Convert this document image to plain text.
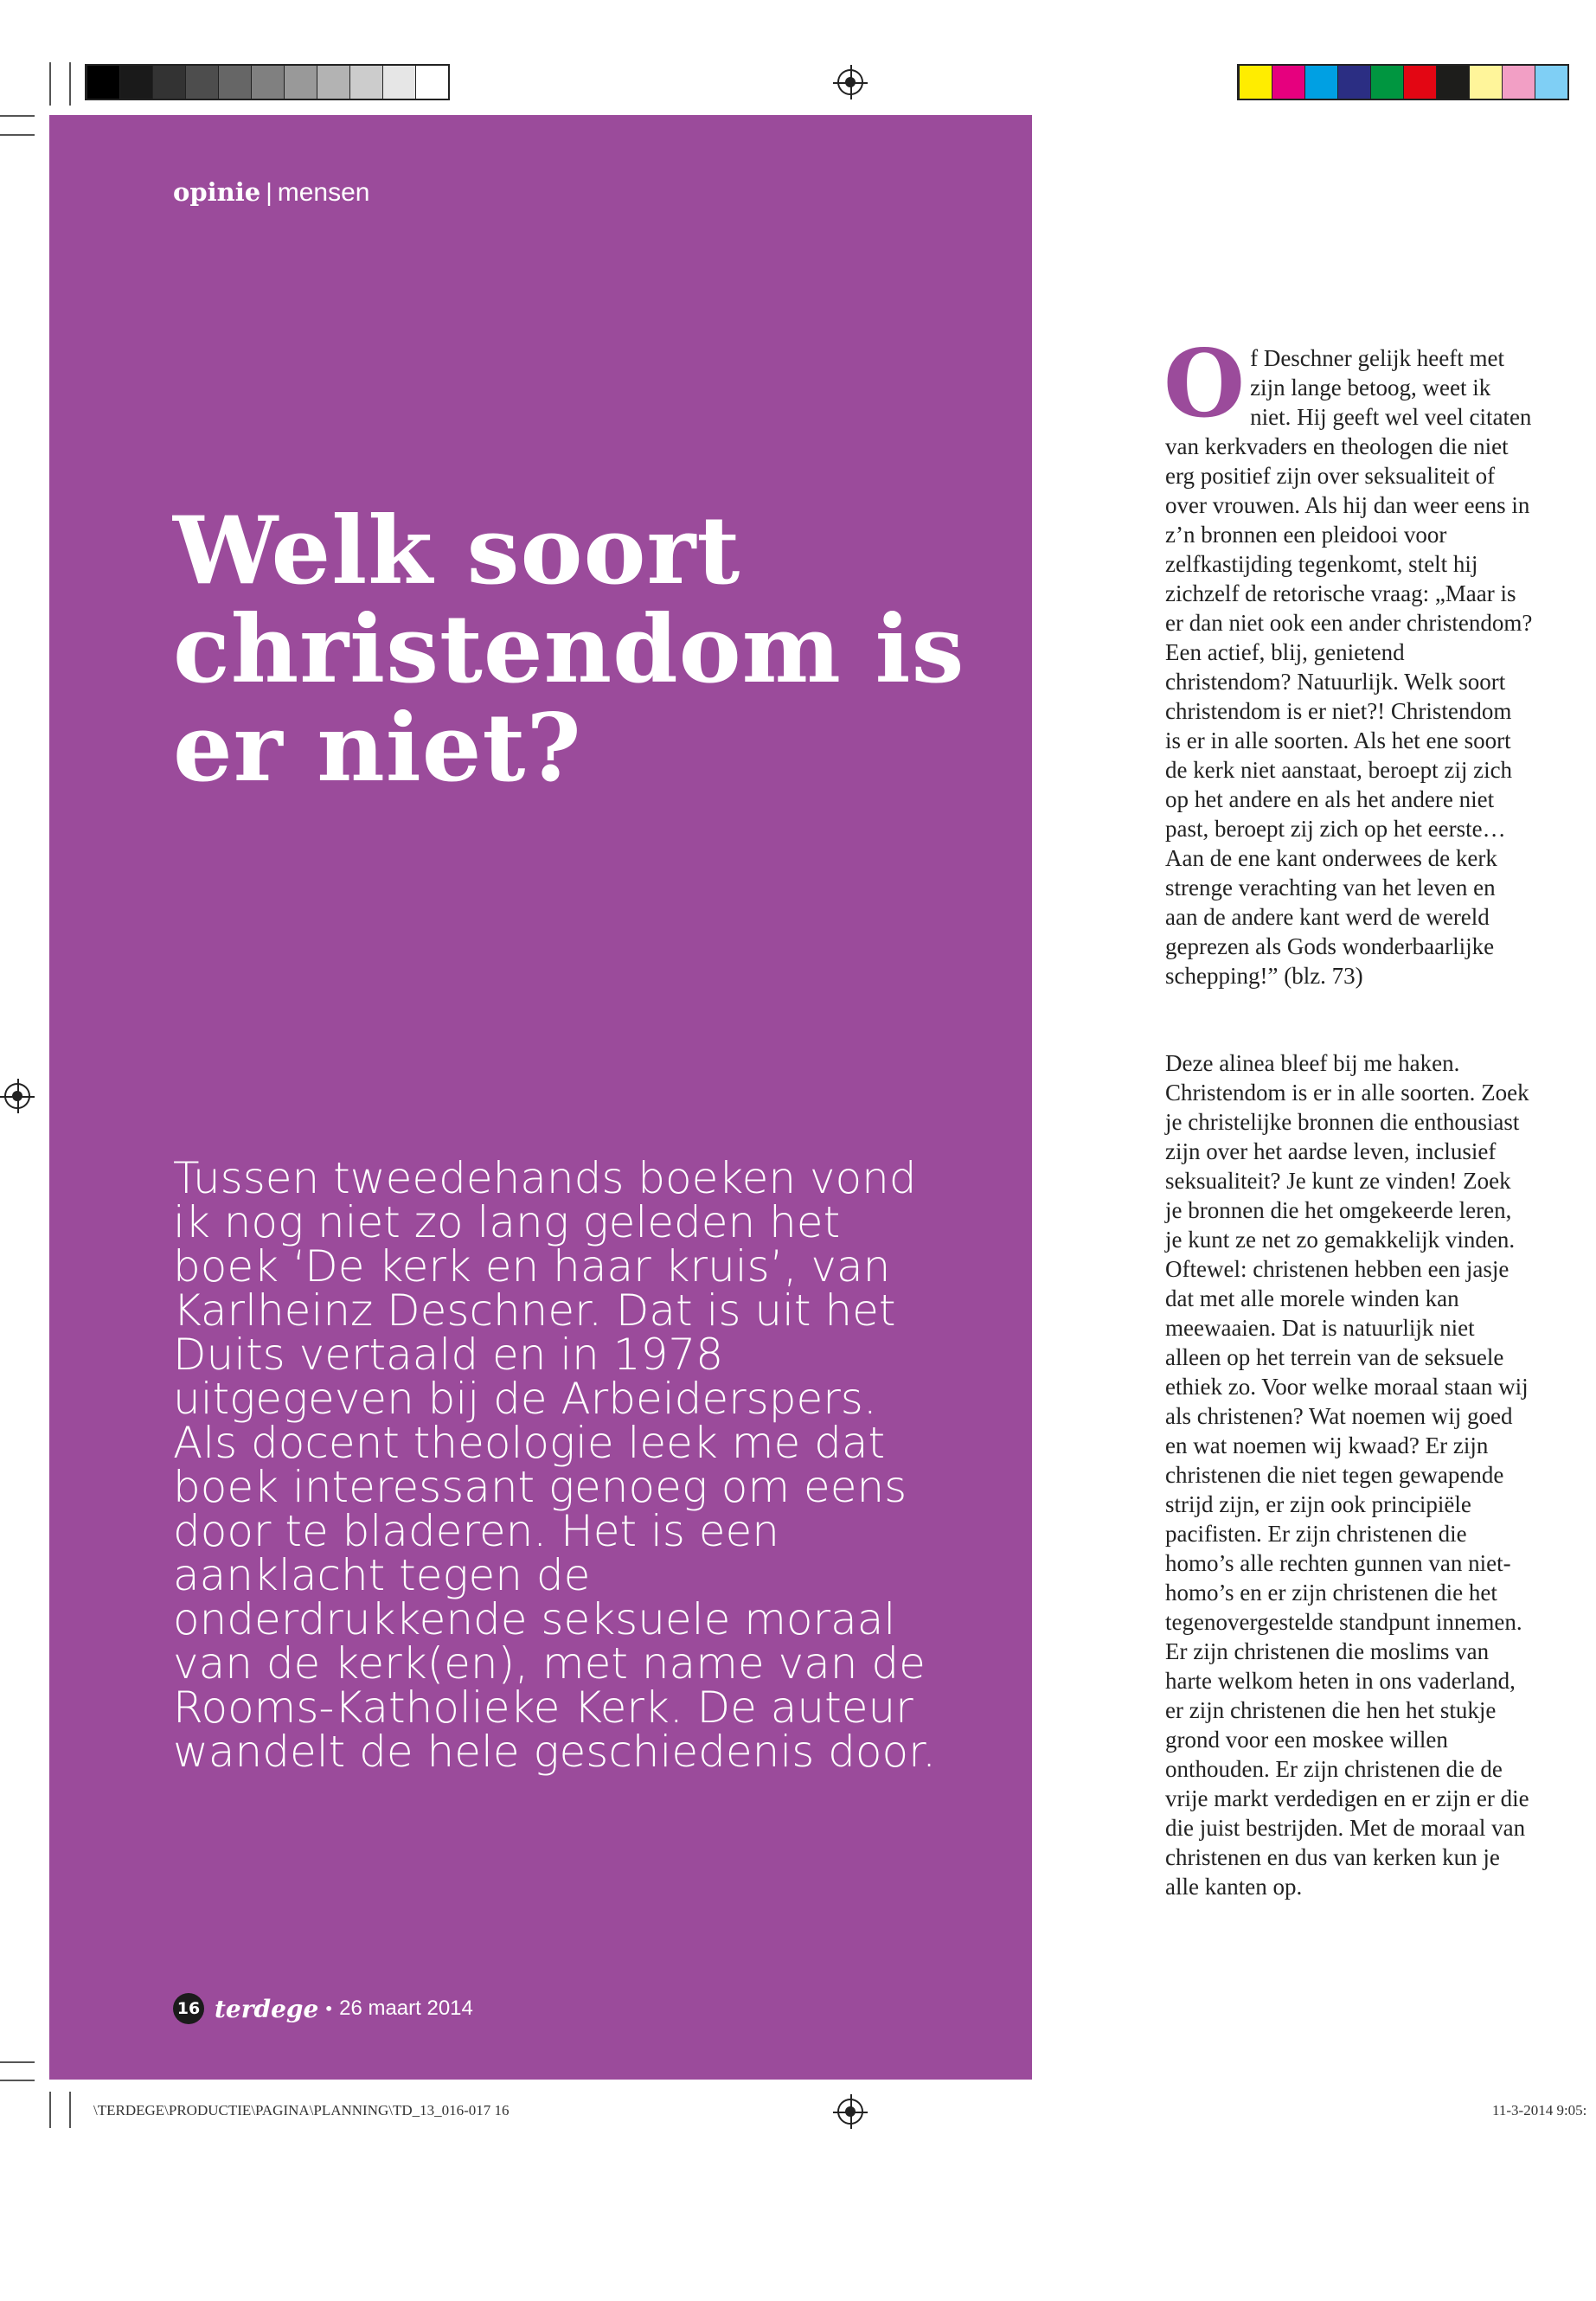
opinie | mensen
Welk soort christendom is er niet?
Tussen tweedehands boeken vond ik nog niet zo lang geleden het boek ‘De kerk en haar kruis’, van Karlheinz Deschner. Dat is uit het Duits vertaald en in 1978 uitgegeven bij de Arbeiderspers. Als docent theologie leek me dat boek interessant genoeg om eens door te bladeren. Het is een aanklacht tegen de onderdrukkende seksuele moraal van de kerk(en), met name van de Rooms-Katholieke Kerk. De auteur wandelt de hele geschiedenis door.
16 terdege • 26 maart 2014

Of Deschner gelijk heeft met zijn lange betoog, weet ik niet. Hij geeft wel veel citaten van kerkvaders en theologen die niet erg positief zijn over seksualiteit of over vrouwen. Als hij dan weer eens in z’n bronnen een pleidooi voor zelfkastijding tegenkomt, stelt hij zichzelf de retorische vraag: „Maar is er dan niet ook een ander christendom? Een actief, blij, genietend christendom? Natuurlijk. Welk soort christendom is er niet?! Christendom is er in alle soorten. Als het ene soort de kerk niet aanstaat, beroept zij zich op het andere en als het andere niet past, beroept zij zich op het eerste… Aan de ene kant onderwees de kerk strenge verachting van het leven en aan de andere kant werd de wereld geprezen als Gods wonderbaarlijke schepping!” (blz. 73)

Deze alinea bleef bij me haken. Christendom is er in alle soorten. Zoek je christelijke bronnen die enthousiast zijn over het aardse leven, inclusief seksualiteit? Je kunt ze vinden! Zoek je bronnen die het omgekeerde leren, je kunt ze net zo gemakkelijk vinden. Oftewel: christenen hebben een jasje dat met alle morele winden kan meewaaien. Dat is natuurlijk niet alleen op het terrein van de seksuele ethiek zo. Voor welke moraal staan wij als christenen? Wat noemen wij goed en wat noemen wij kwaad? Er zijn christenen die niet tegen gewapende strijd zijn, er zijn ook principiële pacifisten. Er zijn christenen die homo’s alle rechten gunnen van niet-homo’s en er zijn christenen die het tegenovergestelde standpunt innemen. Er zijn christenen die moslims van harte welkom heten in ons vaderland, er zijn christenen die hen het stukje grond voor een moskee willen onthouden. Er zijn christenen die de vrije markt verdedigen en er zijn er die die juist bestrijden. Met de moraal van christenen en dus van kerken kun je alle kanten op.

\TERDEGE\PRODUCTIE\PAGINA\PLANNING\TD_13_016-017 16	11-3-2014 9:05:
